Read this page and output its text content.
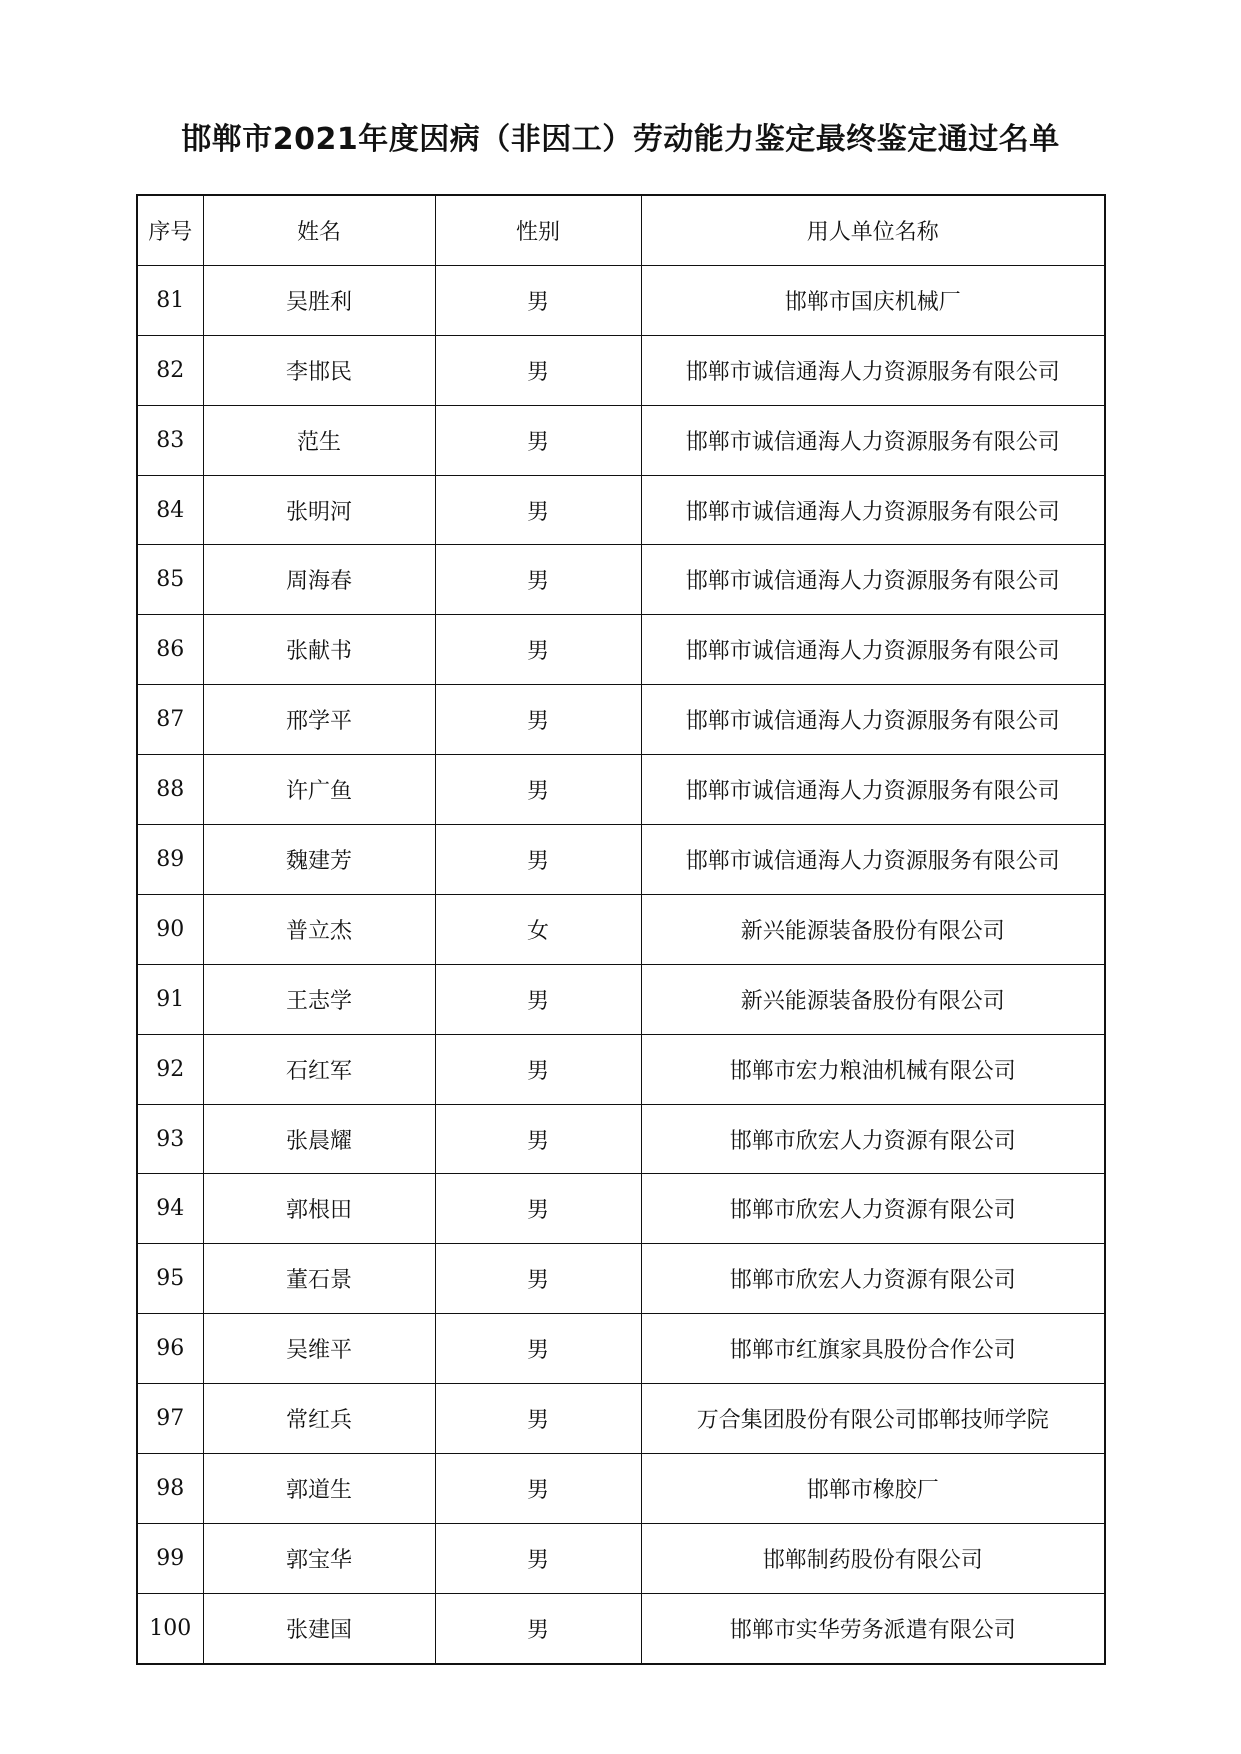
邯郸市2021年度因病（非因工）劳动能力鉴定最终鉴定通过名单
序号	姓名	性别	用人单位名称
81	吴胜利	男	邯郸市国庆机械厂
82	李邯民	男	邯郸市诚信通海人力资源服务有限公司
83	范生	男	邯郸市诚信通海人力资源服务有限公司
84	张明河	男	邯郸市诚信通海人力资源服务有限公司
85	周海春	男	邯郸市诚信通海人力资源服务有限公司
86	张献书	男	邯郸市诚信通海人力资源服务有限公司
87	邢学平	男	邯郸市诚信通海人力资源服务有限公司
88	许广鱼	男	邯郸市诚信通海人力资源服务有限公司
89	魏建芳	男	邯郸市诚信通海人力资源服务有限公司
90	普立杰	女	新兴能源装备股份有限公司
91	王志学	男	新兴能源装备股份有限公司
92	石红军	男	邯郸市宏力粮油机械有限公司
93	张晨耀	男	邯郸市欣宏人力资源有限公司
94	郭根田	男	邯郸市欣宏人力资源有限公司
95	董石景	男	邯郸市欣宏人力资源有限公司
96	吴维平	男	邯郸市红旗家具股份合作公司
97	常红兵	男	万合集团股份有限公司邯郸技师学院
98	郭道生	男	邯郸市橡胶厂
99	郭宝华	男	邯郸制药股份有限公司
100	张建国	男	邯郸市实华劳务派遣有限公司
